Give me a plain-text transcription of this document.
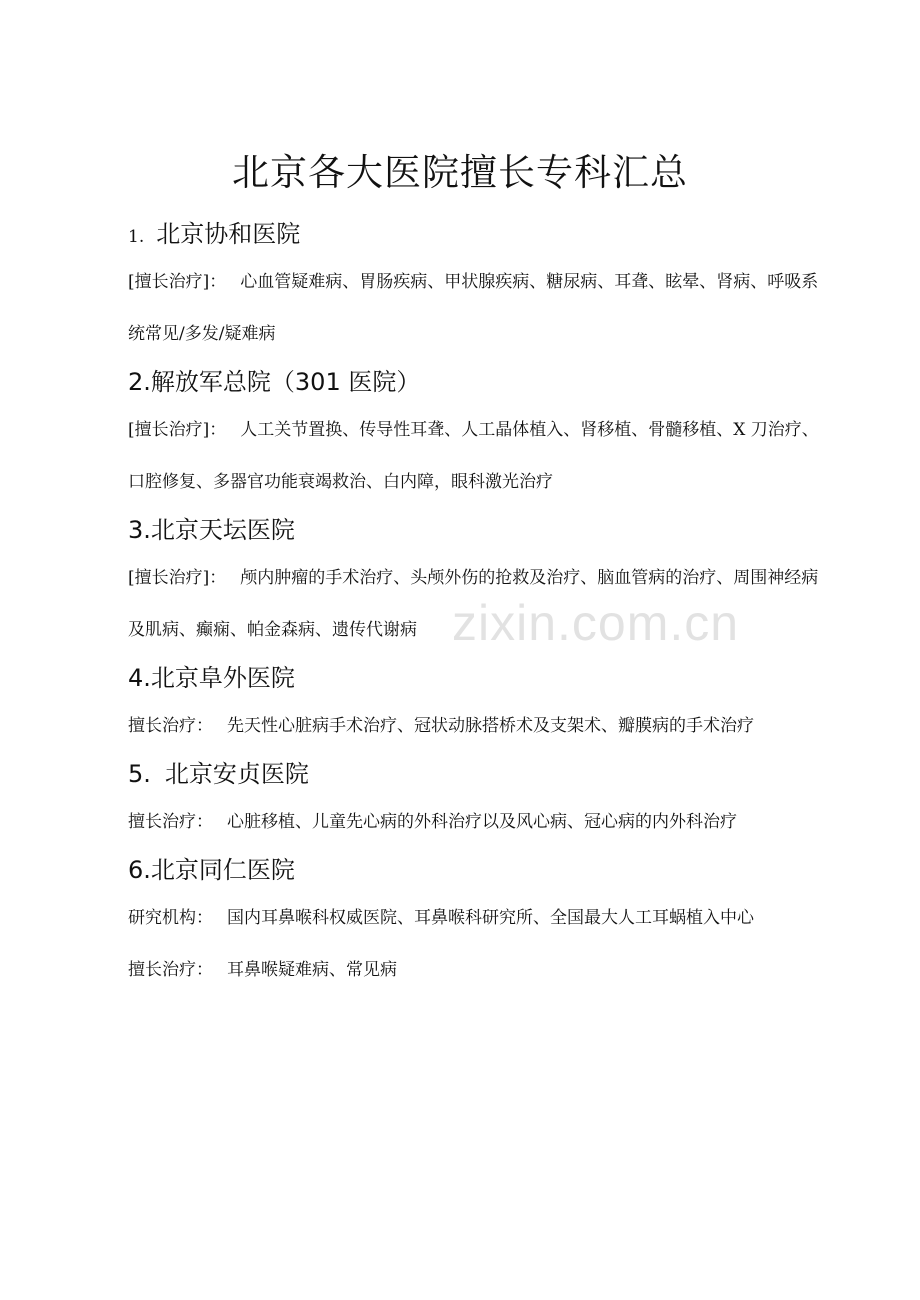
北京各大医院擅长专科汇总
1. 北京协和医院

[擅长治疗]： 心血管疑难病、胃肠疾病、甲状腺疾病、糖尿病、耳聋、眩晕、肾病、呼吸系统常见/多发/疑难病

2.解放军总院（301 医院）

[擅长治疗]： 人工关节置换、传导性耳聋、人工晶体植入、肾移植、骨髓移植、X 刀治疗、口腔修复、多器官功能衰竭救治、白内障，眼科激光治疗

3.北京天坛医院

[擅长治疗]： 颅内肿瘤的手术治疗、头颅外伤的抢救及治疗、脑血管病的治疗、周围神经病及肌病、癫痫、帕金森病、遗传代谢病

4.北京阜外医院

擅长治疗： 先天性心脏病手术治疗、冠状动脉搭桥术及支架术、瓣膜病的手术治疗

5. 北京安贞医院

擅长治疗： 心脏移植、儿童先心病的外科治疗以及风心病、冠心病的内外科治疗

6.北京同仁医院

研究机构： 国内耳鼻喉科权威医院、耳鼻喉科研究所、全国最大人工耳蜗植入中心

擅长治疗： 耳鼻喉疑难病、常见病

zixin.com.cn
